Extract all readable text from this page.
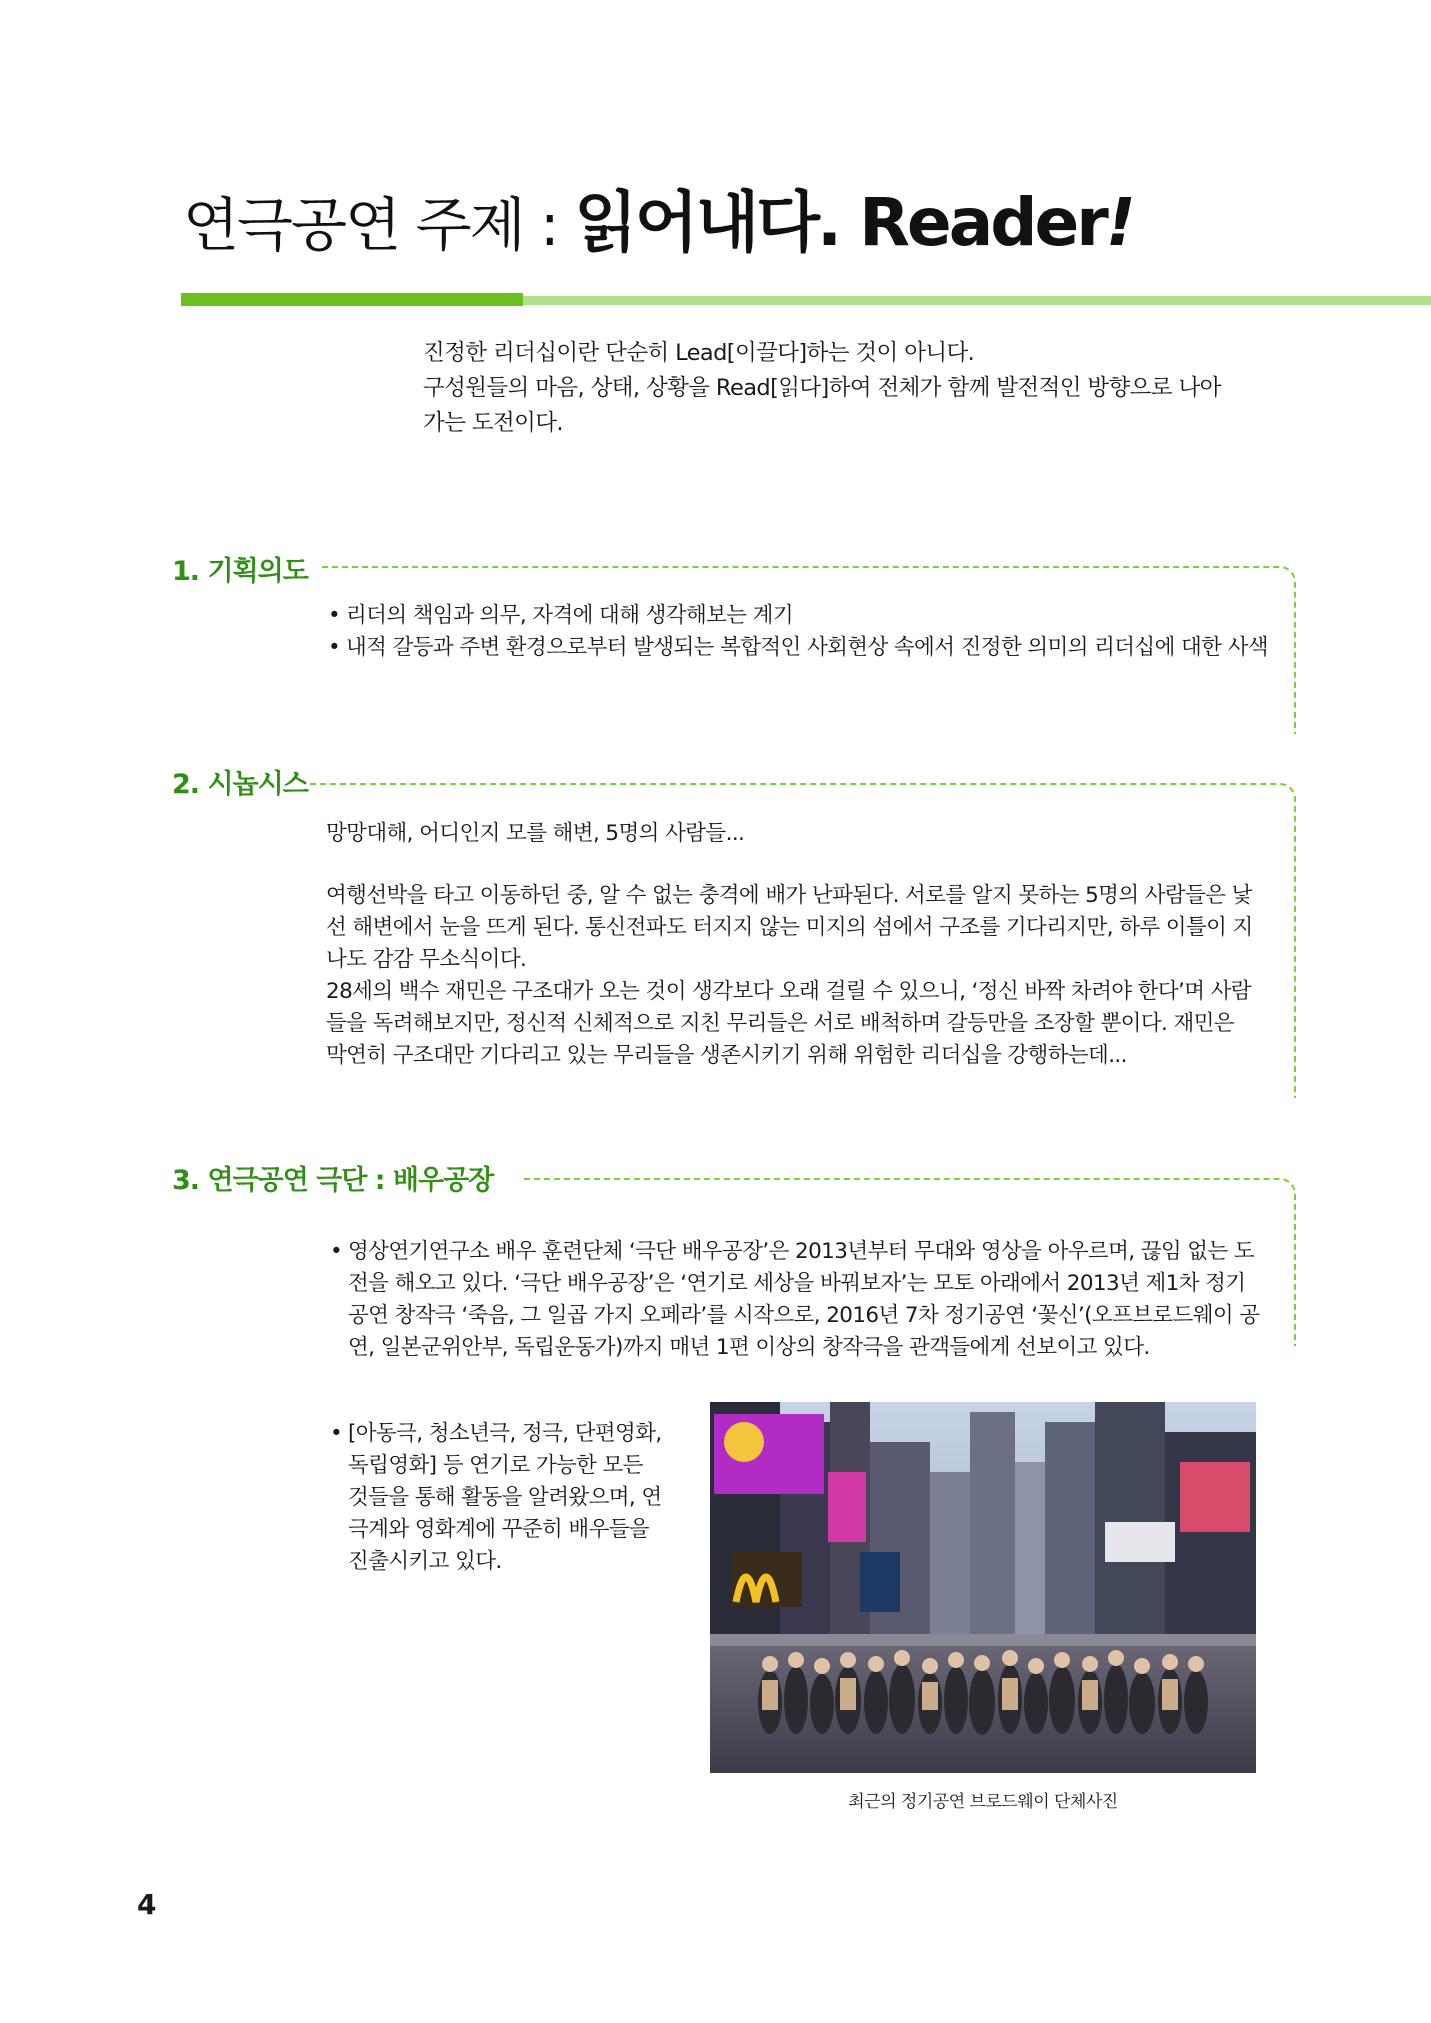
연극공연 주제 : 읽어내다. Reader!

진정한 리더십이란 단순히 Lead[이끌다]하는 것이 아니다.

구성원들의 마음, 상태, 상황을 Read[읽다]하여 전체가 함께 발전적인 방향으로 나아

가는 도전이다.

1. 기획의도
• 리더의 책임과 의무, 자격에 대해 생각해보는 계기
• 내적 갈등과 주변 환경으로부터 발생되는 복합적인 사회현상 속에서 진정한 의미의 리더십에 대한 사색
2. 시놉시스

망망대해, 어디인지 모를 해변, 5명의 사람들...

여행선박을 타고 이동하던 중, 알 수 없는 충격에 배가 난파된다. 서로를 알지 못하는 5명의 사람들은 낯선 해변에서 눈을 뜨게 된다. 통신전파도 터지지 않는 미지의 섬에서 구조를 기다리지만, 하루 이틀이 지나도 감감 무소식이다.

28세의 백수 재민은 구조대가 오는 것이 생각보다 오래 걸릴 수 있으니, ‘정신 바짝 차려야 한다’며 사람들을 독려해보지만, 정신적 신체적으로 지친 무리들은 서로 배척하며 갈등만을 조장할 뿐이다. 재민은 막연히 구조대만 기다리고 있는 무리들을 생존시키기 위해 위험한 리더십을 강행하는데...

3. 연극공연 극단 : 배우공장
• 영상연기연구소 배우 훈련단체 ‘극단 배우공장’은 2013년부터 무대와 영상을 아우르며, 끊임 없는 도전을 해오고 있다. ‘극단 배우공장’은 ‘연기로 세상을 바꿔보자’는 모토 아래에서 2013년 제1차 정기공연 창작극 ‘죽음, 그 일곱 가지 오페라’를 시작으로, 2016년 7차 정기공연 ‘꽃신’(오프브로드웨이 공연, 일본군위안부, 독립운동가)까지 매년 1편 이상의 창작극을 관객들에게 선보이고 있다.
• [아동극, 청소년극, 정극, 단편영화, 독립영화] 등 연기로 가능한 모든 것들을 통해 활동을 알려왔으며, 연극계와 영화계에 꾸준히 배우들을 진출시키고 있다.
최근의 정기공연 브로드웨이 단체사진
4
